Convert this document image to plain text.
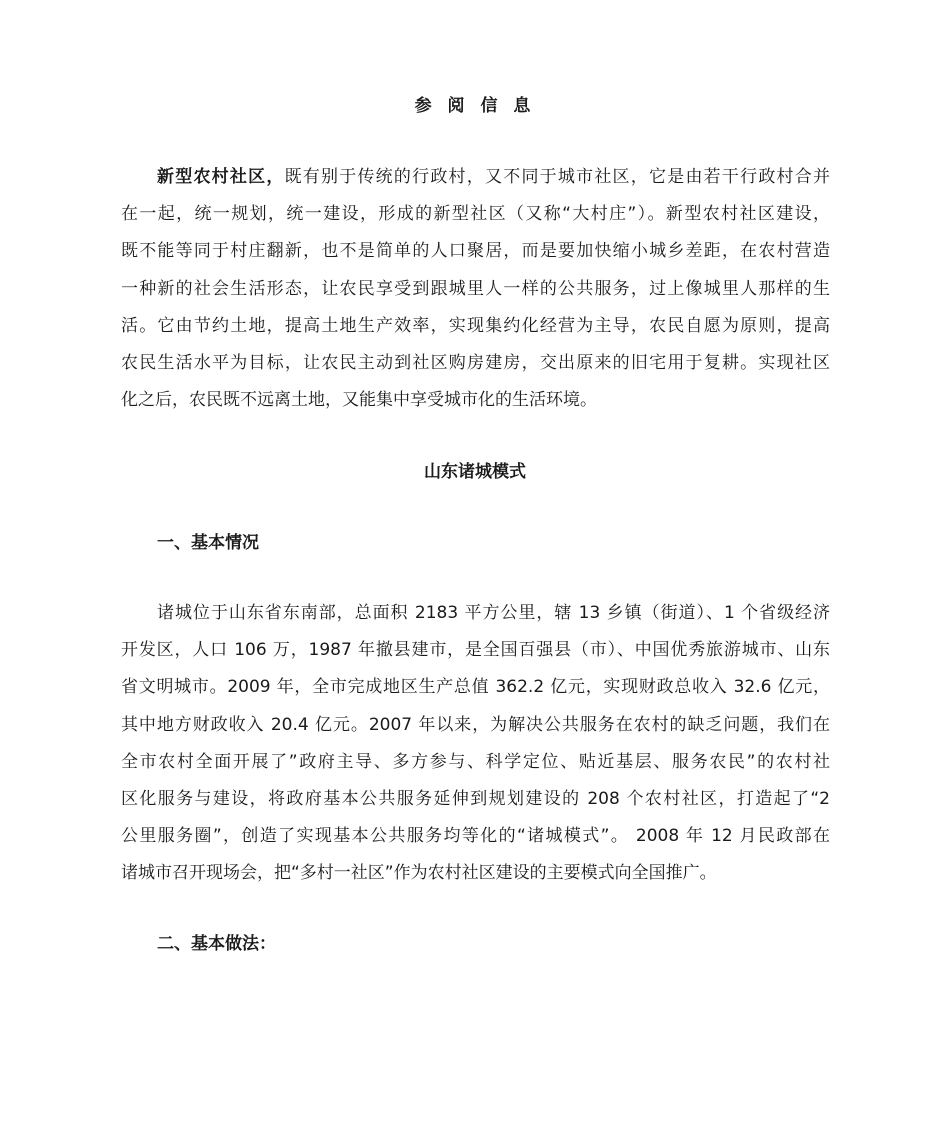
参 阅 信 息
新型农村社区，既有别于传统的行政村，又不同于城市社区，它是由若干行政村合并
在一起，统一规划，统一建设，形成的新型社区（又称“大村庄”）。新型农村社区建设，
既不能等同于村庄翻新，也不是简单的人口聚居，而是要加快缩小城乡差距，在农村营造
一种新的社会生活形态，让农民享受到跟城里人一样的公共服务，过上像城里人那样的生
活。它由节约土地，提高土地生产效率，实现集约化经营为主导，农民自愿为原则，提高
农民生活水平为目标，让农民主动到社区购房建房，交出原来的旧宅用于复耕。实现社区
化之后，农民既不远离土地，又能集中享受城市化的生活环境。
山东诸城模式
一、基本情况
诸城位于山东省东南部，总面积 2183 平方公里，辖 13 乡镇（街道）、1 个省级经济
开发区，人口 106 万，1987 年撤县建市，是全国百强县（市）、中国优秀旅游城市、山东
省文明城市。2009 年，全市完成地区生产总值 362.2 亿元，实现财政总收入 32.6 亿元，
其中地方财政收入 20.4 亿元。2007 年以来，为解决公共服务在农村的缺乏问题，我们在
全市农村全面开展了”政府主导、多方参与、科学定位、贴近基层、服务农民”的农村社
区化服务与建设，将政府基本公共服务延伸到规划建设的 208 个农村社区，打造起了“2
公里服务圈”，创造了实现基本公共服务均等化的“诸城模式”。 2008 年 12 月民政部在
诸城市召开现场会，把“多村一社区”作为农村社区建设的主要模式向全国推广。
二、基本做法：
